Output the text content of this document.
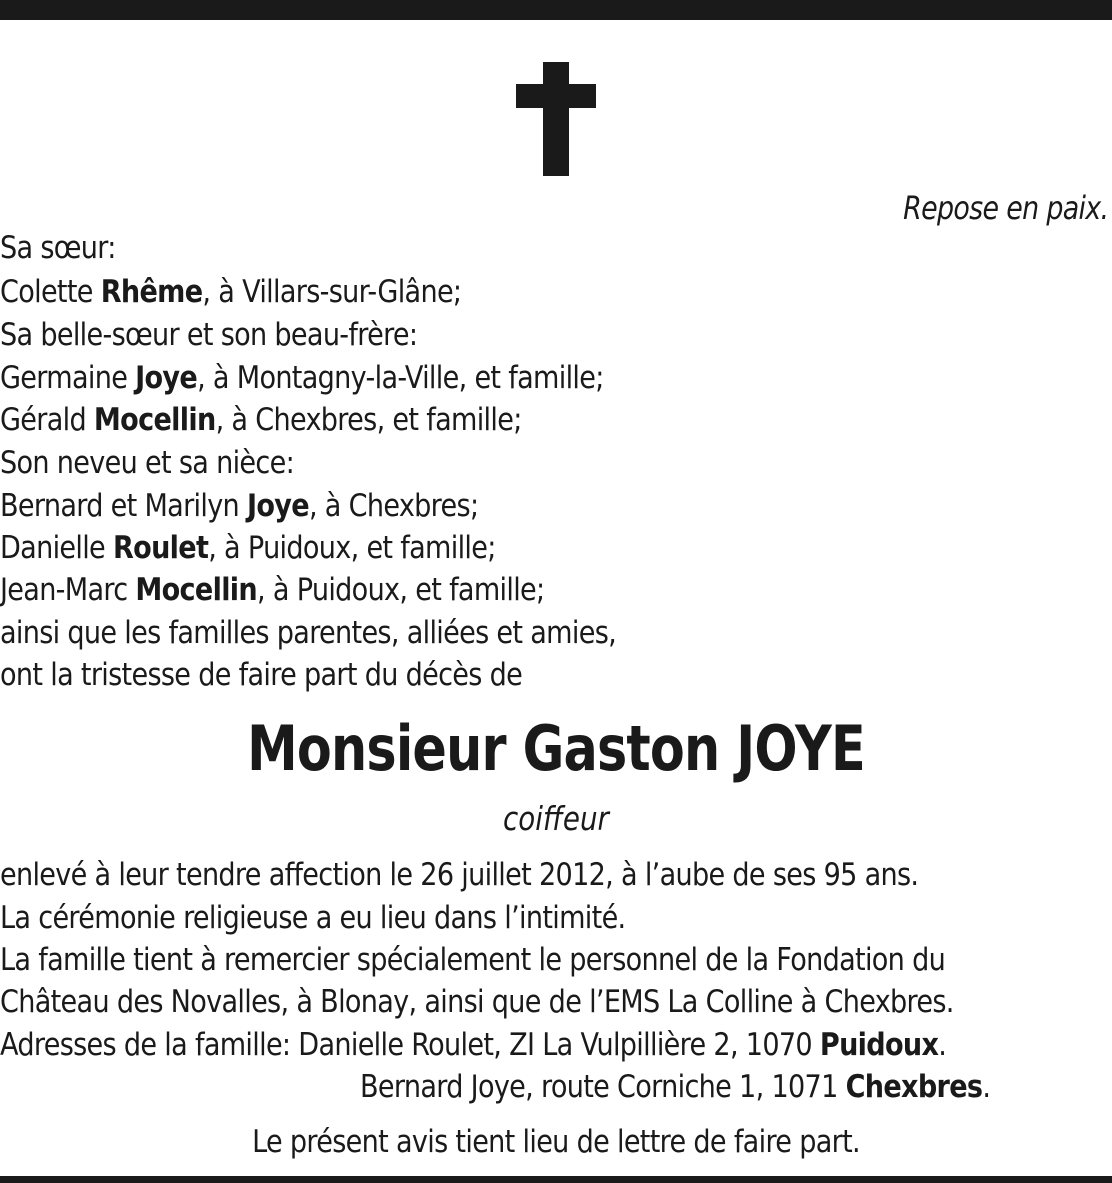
Repose en paix.
Sa sœur:
Colette Rhême, à Villars-sur-Glâne;
Sa belle-sœur et son beau-frère:
Germaine Joye, à Montagny-la-Ville, et famille;
Gérald Mocellin, à Chexbres, et famille;
Son neveu et sa nièce:
Bernard et Marilyn Joye, à Chexbres;
Danielle Roulet, à Puidoux, et famille;
Jean-Marc Mocellin, à Puidoux, et famille;
ainsi que les familles parentes, alliées et amies,
ont la tristesse de faire part du décès de
Monsieur Gaston JOYE
coiffeur
enlevé à leur tendre affection le 26 juillet 2012, à l’aube de ses 95 ans.
La cérémonie religieuse a eu lieu dans l’intimité.
La famille tient à remercier spécialement le personnel de la Fondation du
Château des Novalles, à Blonay, ainsi que de l’EMS La Colline à Chexbres.
Adresses de la famille: Danielle Roulet, ZI La Vulpillière 2, 1070 Puidoux.
Bernard Joye, route Corniche 1, 1071 Chexbres.
Le présent avis tient lieu de lettre de faire part.
